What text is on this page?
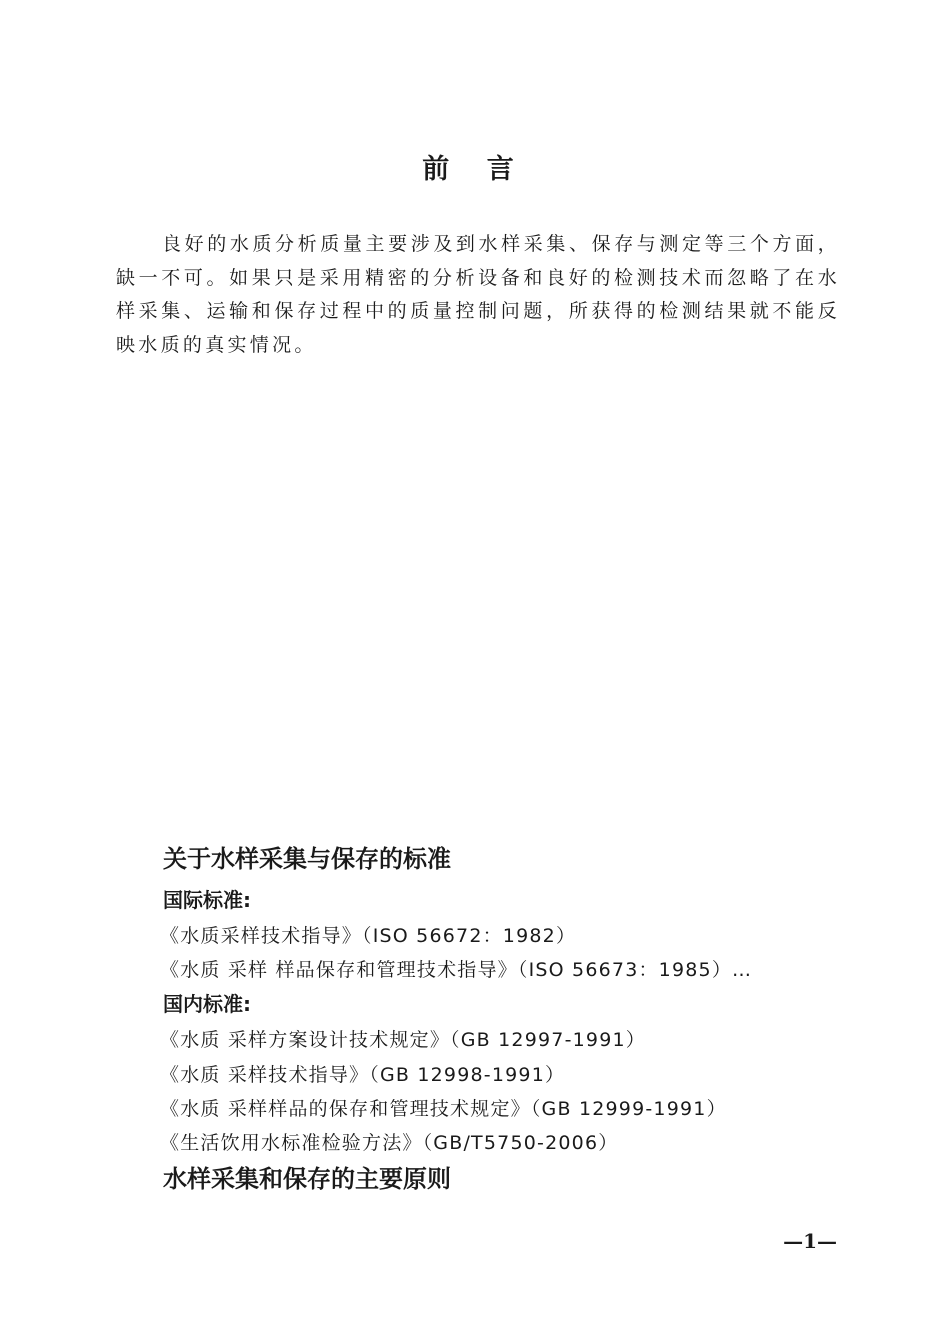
前 言

良好的水质分析质量主要涉及到水样采集、保存与测定等三个方面，缺一不可。如果只是采用精密的分析设备和良好的检测技术而忽略了在水样采集、运输和保存过程中的质量控制问题，所获得的检测结果就不能反映水质的真实情况。

关于水样采集与保存的标准
国际标准:
《水质采样技术指导》（ISO 56672：1982）
《水质 采样 样品保存和管理技术指导》（ISO 56673：1985）…
国内标准:
《水质 采样方案设计技术规定》（GB 12997-1991）
《水质 采样技术指导》（GB 12998-1991）
《水质 采样样品的保存和管理技术规定》（GB 12999-1991）
《生活饮用水标准检验方法》（GB/T5750-2006）
水样采集和保存的主要原则
—1—
